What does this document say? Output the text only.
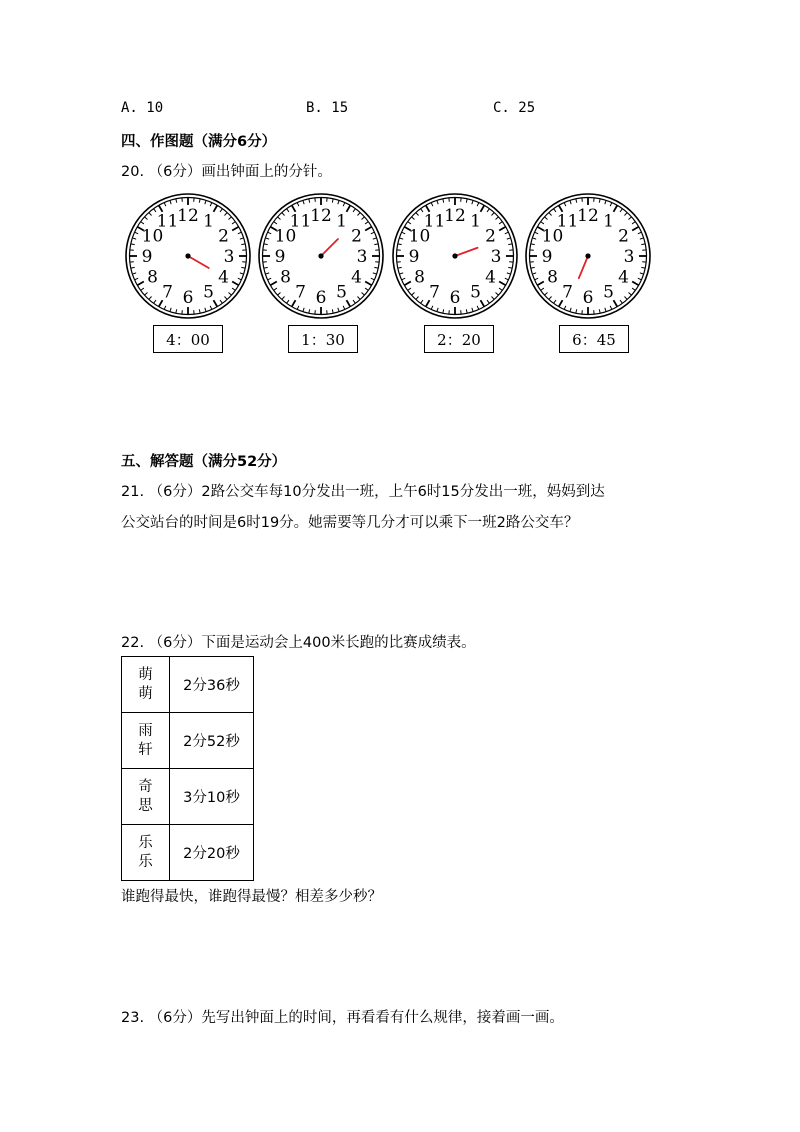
A. 10	B. 15	C. 25
四、作图题（满分6分）
20. （6分）画出钟面上的分针。
12 1
2
3
4
5
6
7
8
9
10
11	12 1
2
3
4
5
6
7
8
9
10
11	12 1
2
3
4
5
6
7
8
9
10
11	12 1
2
3
4
5
6
7
8
9
10
11
4：00	1：30	2：20	6：45
五、解答题（满分52分）
21. （6分）2路公交车每10分发出一班，上午6时15分发出一班，妈妈到达
公交站台的时间是6时19分。她需要等几分才可以乘下一班2路公交车？
22. （6分）下面是运动会上400米长跑的比赛成绩表。
萌
萌	2分36秒
雨
轩	2分52秒
奇
思	3分10秒
乐
乐	2分20秒
谁跑得最快，谁跑得最慢？相差多少秒？
23. （6分）先写出钟面上的时间，再看看有什么规律，接着画一画。
